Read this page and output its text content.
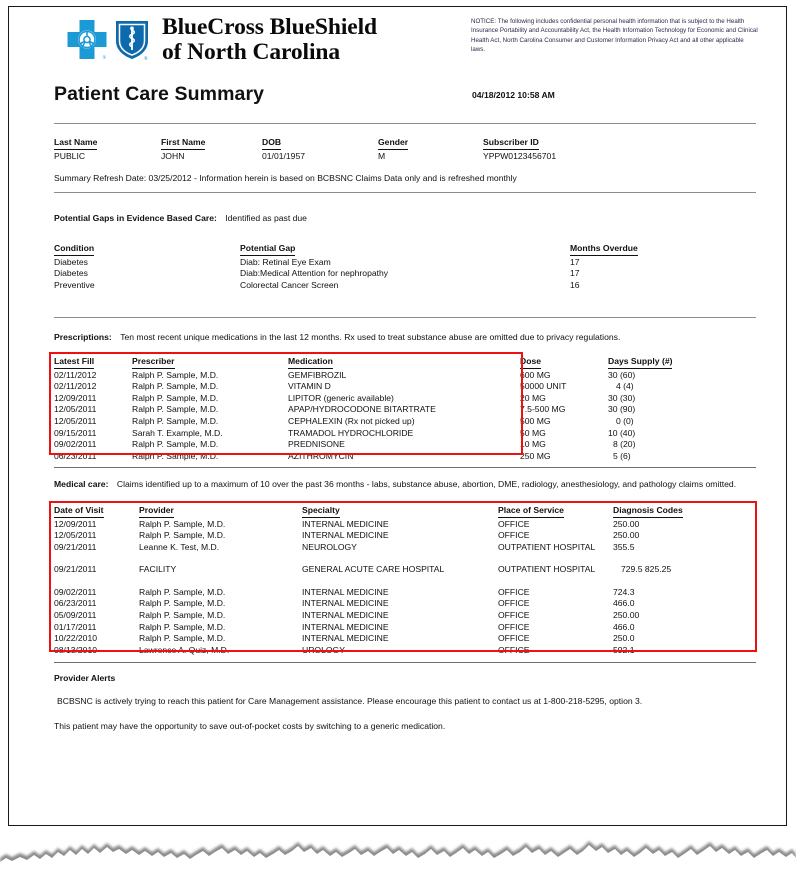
®	®
BlueCross BlueShield
of North Carolina
NOTICE: The following includes confidential personal health information that is subject to the Health Insurance Portability and Accountability Act, the Health Information Technology for Economic and Clinical Health Act, North Carolina Consumer and Customer Information Privacy Act and all other applicable laws.
Patient Care Summary	04/18/2012 10:58 AM
Last Name	First Name	DOB	Gender	Subscriber ID
PUBLIC	JOHN	01/01/1957	M	YPPW0123456701
Summary Refresh Date: 03/25/2012 - Information herein is based on BCBSNC Claims Data only and is refreshed monthly
Potential Gaps in Evidence Based Care: Identified as past due
Condition	Potential Gap	Months Overdue
Diabetes	Diab: Retinal Eye Exam	17
Diabetes	Diab:Medical Attention for nephropathy	17
Preventive	Colorectal Cancer Screen	16
Prescriptions: Ten most recent unique medications in the last 12 months. Rx used to treat substance abuse are omitted due to privacy regulations.
Latest Fill	Prescriber	Medication	Dose	Days Supply (#)
02/11/2012	Ralph P. Sample, M.D.	GEMFIBROZIL	600 MG	30 (60)
02/11/2012	Ralph P. Sample, M.D.	VITAMIN D	50000 UNIT	4 (4)
12/09/2011	Ralph P. Sample, M.D.	LIPITOR (generic available)	20 MG	30 (30)
12/05/2011	Ralph P. Sample, M.D.	APAP/HYDROCODONE BITARTRATE	7.5-500 MG	30 (90)
12/05/2011	Ralph P. Sample, M.D.	CEPHALEXIN (Rx not picked up)	500 MG	0 (0)
09/15/2011	Sarah T. Example, M.D.	TRAMADOL HYDROCHLORIDE	50 MG	10 (40)
09/02/2011	Ralph P. Sample, M.D.	PREDNISONE	10 MG	8 (20)
06/23/2011	Ralph P. Sample, M.D.	AZITHROMYCIN	250 MG	5 (6)
Medical care: Claims identified up to a maximum of 10 over the past 36 months - labs, substance abuse, abortion, DME, radiology, anesthesiology, and pathology claims omitted.
Date of Visit	Provider	Specialty	Place of Service	Diagnosis Codes
12/09/2011	Ralph P. Sample, M.D.	INTERNAL MEDICINE	OFFICE	250.00
12/05/2011	Ralph P. Sample, M.D.	INTERNAL MEDICINE	OFFICE	250.00
09/21/2011	Leanne K. Test, M.D.	NEUROLOGY	OUTPATIENT HOSPITAL	355.5
09/21/2011	FACILITY	GENERAL ACUTE CARE HOSPITAL	OUTPATIENT HOSPITAL	729.5 825.25
09/02/2011	Ralph P. Sample, M.D.	INTERNAL MEDICINE	OFFICE	724.3
06/23/2011	Ralph P. Sample, M.D.	INTERNAL MEDICINE	OFFICE	466.0
05/09/2011	Ralph P. Sample, M.D.	INTERNAL MEDICINE	OFFICE	250.00
01/17/2011	Ralph P. Sample, M.D.	INTERNAL MEDICINE	OFFICE	466.0
10/22/2010	Ralph P. Sample, M.D.	INTERNAL MEDICINE	OFFICE	250.0
08/13/2010	Lawrence A. Quiz, M.D.	UROLOGY	OFFICE	592.1
Provider Alerts
BCBSNC is actively trying to reach this patient for Care Management assistance. Please encourage this patient to contact us at 1-800-218-5295, option 3.
This patient may have the opportunity to save out-of-pocket costs by switching to a generic medication.
